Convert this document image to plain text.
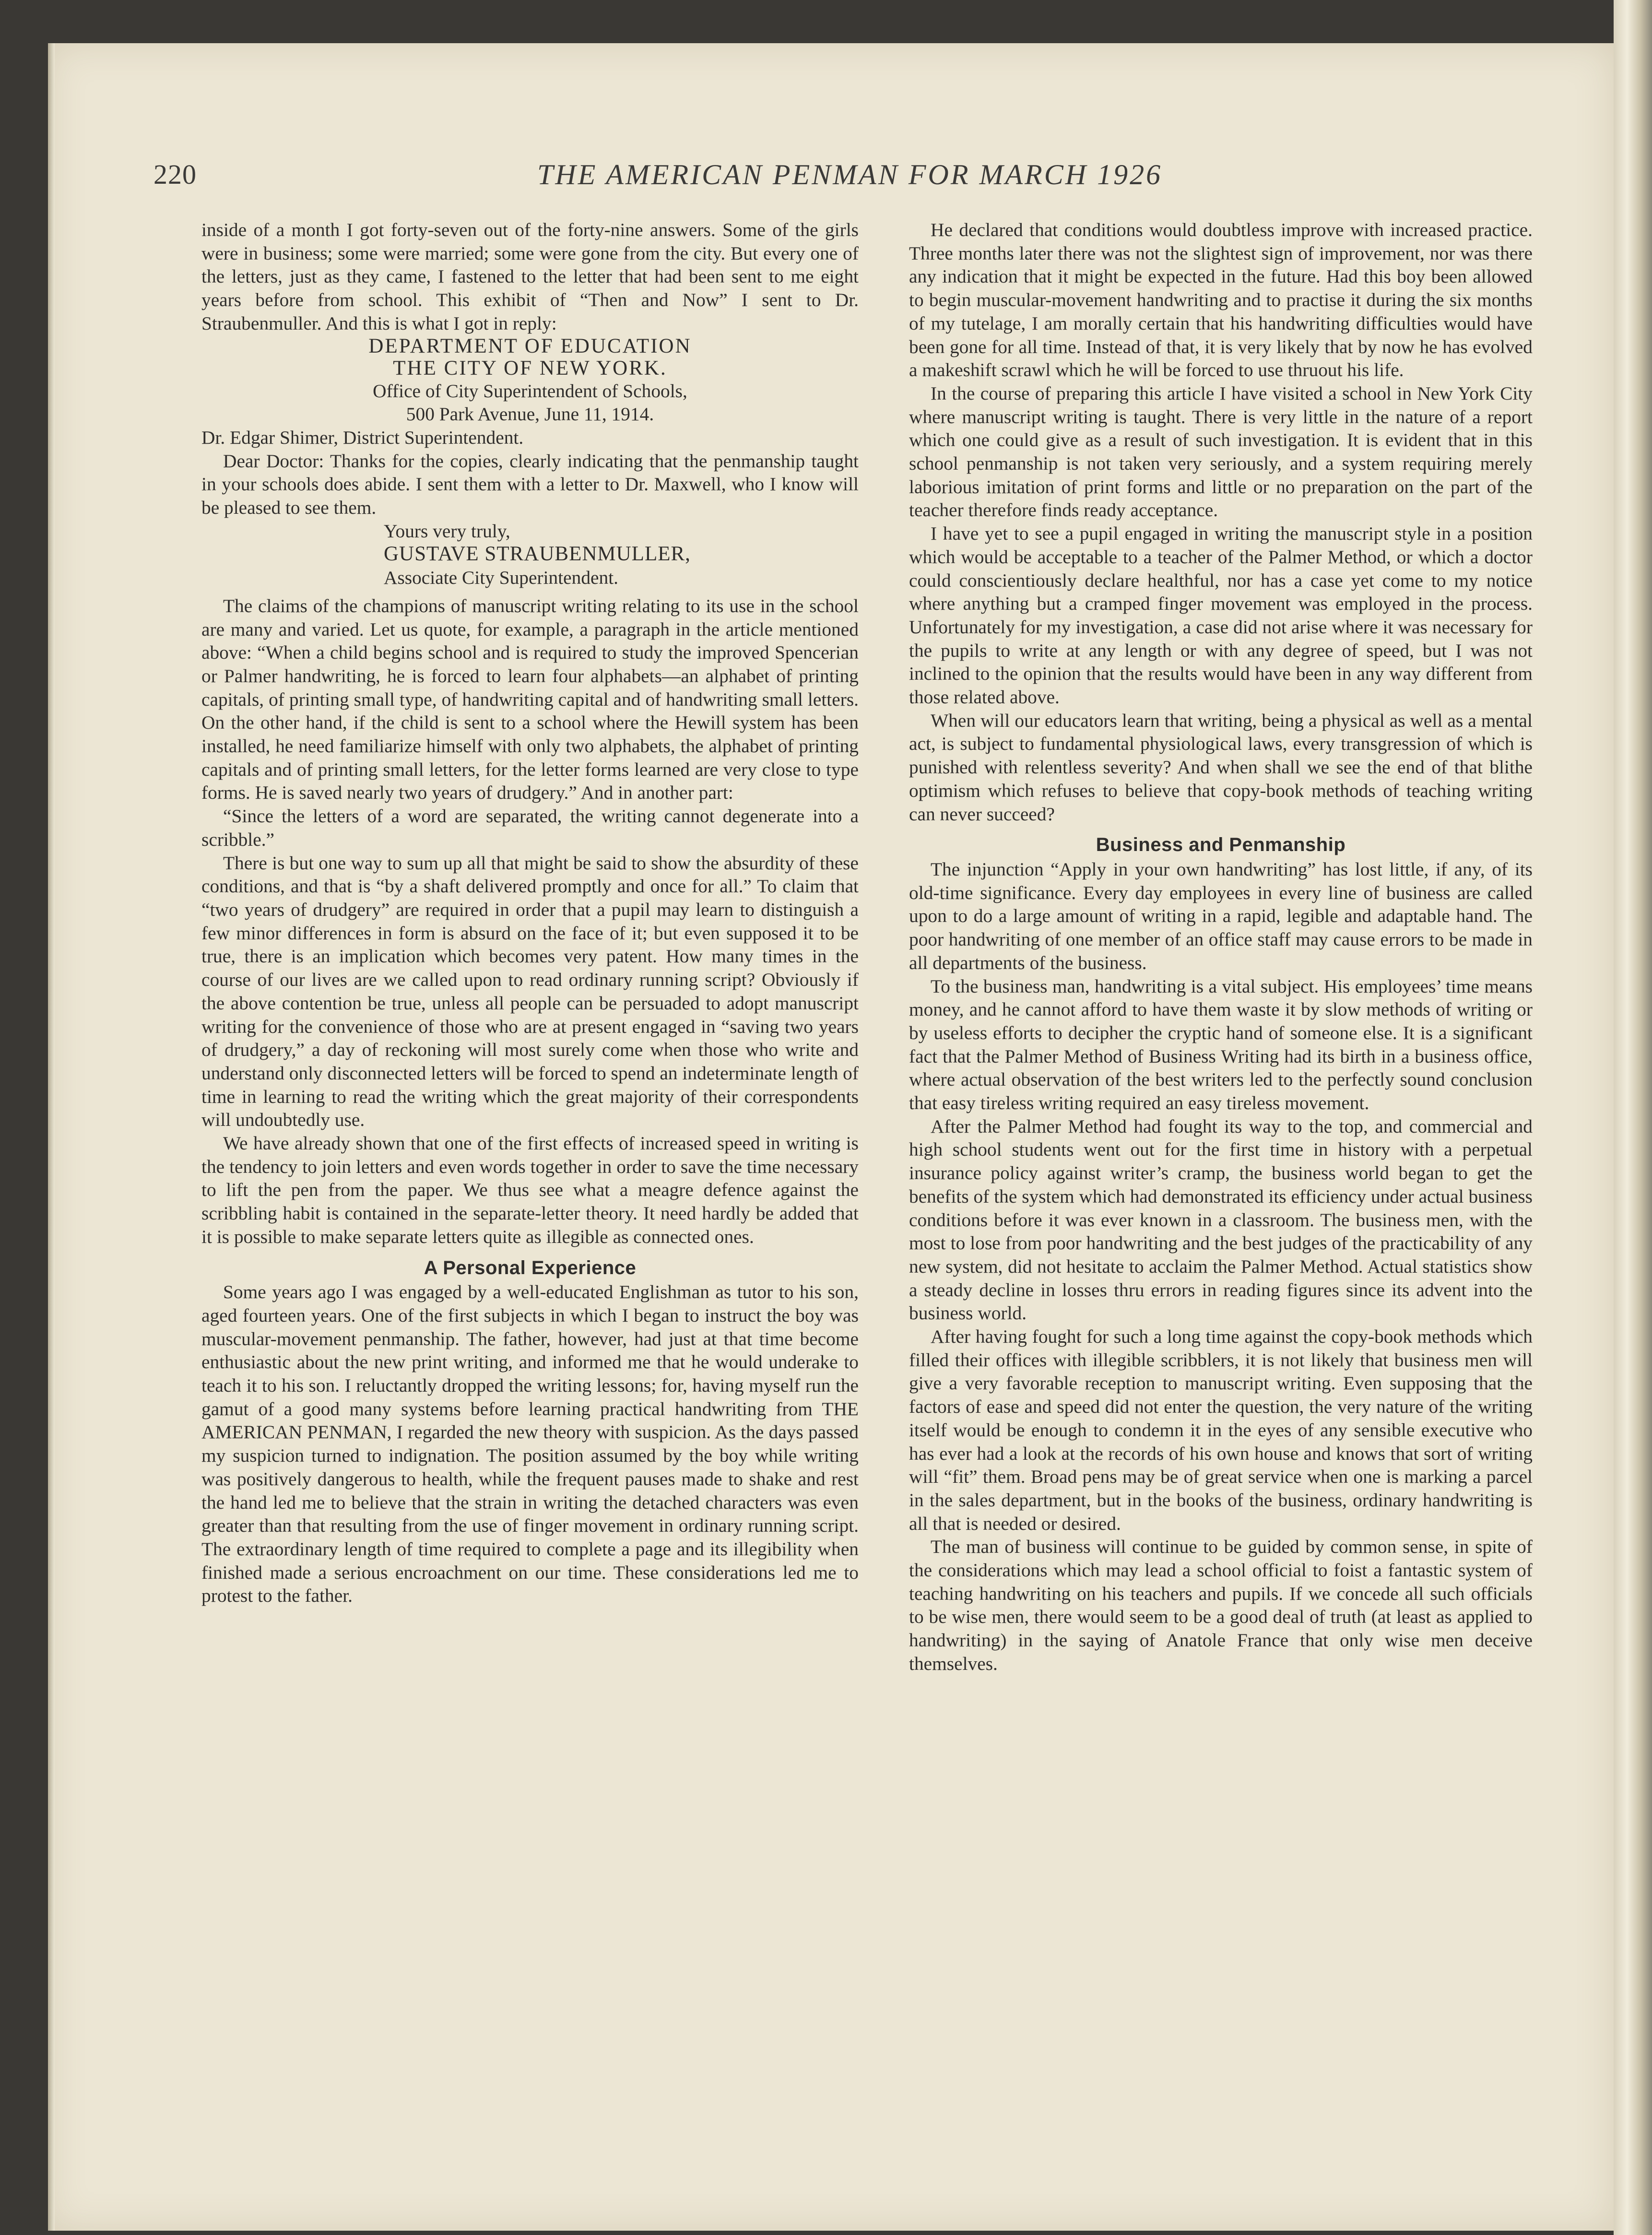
220	THE AMERICAN PENMAN FOR MARCH 1926

inside of a month I got forty-seven out of the forty-nine answers. Some of the girls were in business; some were married; some were gone from the city. But every one of the letters, just as they came, I fastened to the letter that had been sent to me eight years before from school. This exhibit of “Then and Now” I sent to Dr. Straubenmuller. And this is what I got in reply:

DEPARTMENT OF EDUCATION

THE CITY OF NEW YORK.

Office of City Superintendent of Schools,

500 Park Avenue, June 11, 1914.

Dr. Edgar Shimer, District Superintendent.

Dear Doctor: Thanks for the copies, clearly indicating that the penmanship taught in your schools does abide. I sent them with a letter to Dr. Maxwell, who I know will be pleased to see them.

Yours very truly,

GUSTAVE STRAUBENMULLER,

Associate City Superintendent.

The claims of the champions of manuscript writing relating to its use in the school are many and varied. Let us quote, for example, a paragraph in the article mentioned above: “When a child begins school and is required to study the improved Spencerian or Palmer handwriting, he is forced to learn four alphabets—an alphabet of printing capitals, of printing small type, of handwriting capital and of handwriting small letters. On the other hand, if the child is sent to a school where the Hewill system has been installed, he need familiarize himself with only two alphabets, the alphabet of printing capitals and of printing small letters, for the letter forms learned are very close to type forms. He is saved nearly two years of drudgery.” And in another part:

“Since the letters of a word are separated, the writing cannot degenerate into a scribble.”

There is but one way to sum up all that might be said to show the absurdity of these conditions, and that is “by a shaft delivered promptly and once for all.” To claim that “two years of drudgery” are required in order that a pupil may learn to distinguish a few minor differences in form is absurd on the face of it; but even supposed it to be true, there is an implication which becomes very patent. How many times in the course of our lives are we called upon to read ordinary running script? Obviously if the above contention be true, unless all people can be persuaded to adopt manuscript writing for the convenience of those who are at present engaged in “saving two years of drudgery,” a day of reckoning will most surely come when those who write and understand only disconnected letters will be forced to spend an indeterminate length of time in learning to read the writing which the great majority of their correspondents will undoubtedly use.

We have already shown that one of the first effects of increased speed in writing is the tendency to join letters and even words together in order to save the time necessary to lift the pen from the paper. We thus see what a meagre defence against the scribbling habit is contained in the separate-letter theory. It need hardly be added that it is possible to make separate letters quite as illegible as connected ones.

A Personal Experience

Some years ago I was engaged by a well-educated Englishman as tutor to his son, aged fourteen years. One of the first subjects in which I began to instruct the boy was muscular-movement penmanship. The father, however, had just at that time become enthusiastic about the new print writing, and informed me that he would underake to teach it to his son. I reluctantly dropped the writing lessons; for, having myself run the gamut of a good many systems before learning practical handwriting from THE AMERICAN PENMAN, I regarded the new theory with suspicion. As the days passed my suspicion turned to indignation. The position assumed by the boy while writing was positively dangerous to health, while the frequent pauses made to shake and rest the hand led me to believe that the strain in writing the detached characters was even greater than that resulting from the use of finger movement in ordinary running script. The extraordinary length of time required to complete a page and its illegibility when finished made a serious encroachment on our time. These considerations led me to protest to the father.

He declared that conditions would doubtless improve with increased practice. Three months later there was not the slightest sign of improvement, nor was there any indication that it might be expected in the future. Had this boy been allowed to begin muscular-movement handwriting and to practise it during the six months of my tutelage, I am morally certain that his handwriting difficulties would have been gone for all time. Instead of that, it is very likely that by now he has evolved a makeshift scrawl which he will be forced to use thruout his life.

In the course of preparing this article I have visited a school in New York City where manuscript writing is taught. There is very little in the nature of a report which one could give as a result of such investigation. It is evident that in this school penmanship is not taken very seriously, and a system requiring merely laborious imitation of print forms and little or no preparation on the part of the teacher therefore finds ready acceptance.

I have yet to see a pupil engaged in writing the manuscript style in a position which would be acceptable to a teacher of the Palmer Method, or which a doctor could conscientiously declare healthful, nor has a case yet come to my notice where anything but a cramped finger movement was employed in the process. Unfortunately for my investigation, a case did not arise where it was necessary for the pupils to write at any length or with any degree of speed, but I was not inclined to the opinion that the results would have been in any way different from those related above.

When will our educators learn that writing, being a physical as well as a mental act, is subject to fundamental physiological laws, every transgression of which is punished with relentless severity? And when shall we see the end of that blithe optimism which refuses to believe that copy-book methods of teaching writing can never succeed?

Business and Penmanship

The injunction “Apply in your own handwriting” has lost little, if any, of its old-time significance. Every day employees in every line of business are called upon to do a large amount of writing in a rapid, legible and adaptable hand. The poor handwriting of one member of an office staff may cause errors to be made in all departments of the business.

To the business man, handwriting is a vital subject. His employees’ time means money, and he cannot afford to have them waste it by slow methods of writing or by useless efforts to decipher the cryptic hand of someone else. It is a significant fact that the Palmer Method of Business Writing had its birth in a business office, where actual observation of the best writers led to the perfectly sound conclusion that easy tireless writing required an easy tireless movement.

After the Palmer Method had fought its way to the top, and commercial and high school students went out for the first time in history with a perpetual insurance policy against writer’s cramp, the business world began to get the benefits of the system which had demonstrated its efficiency under actual business conditions before it was ever known in a classroom. The business men, with the most to lose from poor handwriting and the best judges of the practicability of any new system, did not hesitate to acclaim the Palmer Method. Actual statistics show a steady decline in losses thru errors in reading figures since its advent into the business world.

After having fought for such a long time against the copy-book methods which filled their offices with illegible scribblers, it is not likely that business men will give a very favorable reception to manuscript writing. Even supposing that the factors of ease and speed did not enter the question, the very nature of the writing itself would be enough to condemn it in the eyes of any sensible executive who has ever had a look at the records of his own house and knows that sort of writing will “fit” them. Broad pens may be of great service when one is marking a parcel in the sales department, but in the books of the business, ordinary handwriting is all that is needed or desired.

The man of business will continue to be guided by common sense, in spite of the considerations which may lead a school official to foist a fantastic system of teaching handwriting on his teachers and pupils. If we concede all such officials to be wise men, there would seem to be a good deal of truth (at least as applied to handwriting) in the saying of Anatole France that only wise men deceive themselves.
